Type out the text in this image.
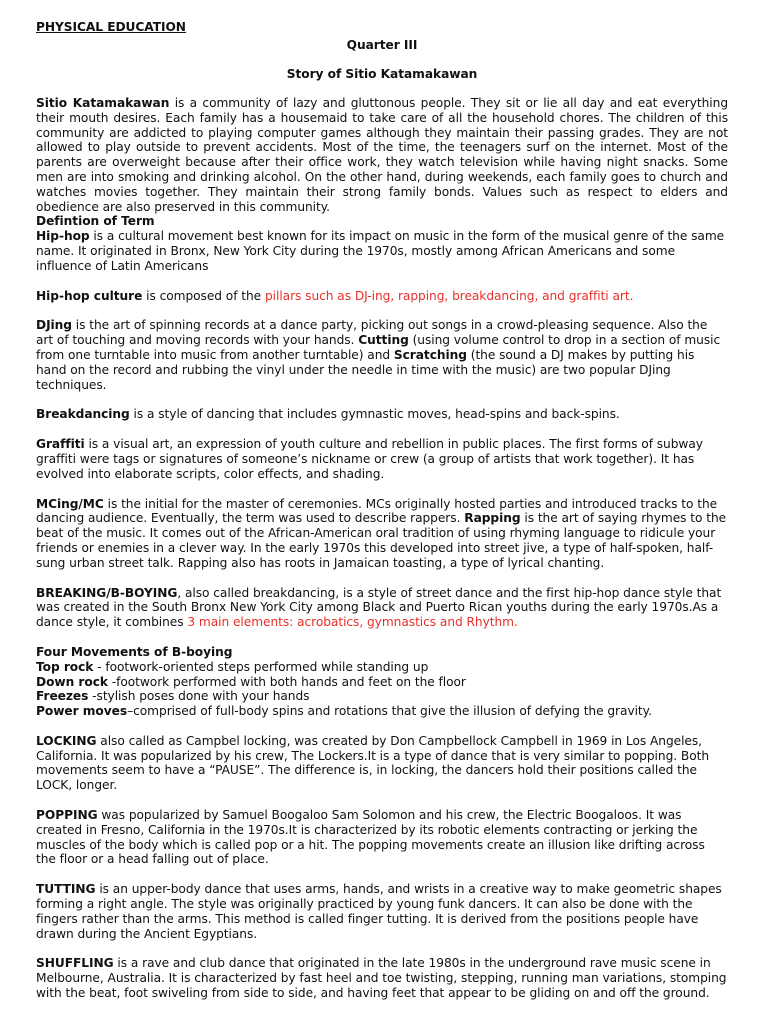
PHYSICAL EDUCATION
Quarter III
Story of Sitio Katamakawan

Sitio Katamakawan is a community of lazy and gluttonous people. They sit or lie all day and eat everything their mouth desires. Each family has a housemaid to take care of all the household chores. The children of this community are addicted to playing computer games although they maintain their passing grades. They are not allowed to play outside to prevent accidents. Most of the time, the teenagers surf on the internet. Most of the parents are overweight because after their office work, they watch television while having night snacks. Some men are into smoking and drinking alcohol. On the other hand, during weekends, each family goes to church and watches movies together. They maintain their strong family bonds. Values such as respect to elders and obedience are also preserved in this community.

Defintion of Term

Hip-hop is a cultural movement best known for its impact on music in the form of the musical genre of the same name. It originated in Bronx, New York City during the 1970s, mostly among African Americans and some influence of Latin Americans

Hip-hop culture is composed of the pillars such as DJ-ing, rapping, breakdancing, and graffiti art.

DJing is the art of spinning records at a dance party, picking out songs in a crowd-pleasing sequence. Also the art of touching and moving records with your hands. Cutting (using volume control to drop in a section of music from one turntable into music from another turntable) and Scratching (the sound a DJ makes by putting his hand on the record and rubbing the vinyl under the needle in time with the music) are two popular DJing techniques.

Breakdancing is a style of dancing that includes gymnastic moves, head-spins and back-spins.

Graffiti is a visual art, an expression of youth culture and rebellion in public places. The first forms of subway graffiti were tags or signatures of someone’s nickname or crew (a group of artists that work together). It has evolved into elaborate scripts, color effects, and shading.

MCing/MC is the initial for the master of ceremonies. MCs originally hosted parties and introduced tracks to the dancing audience. Eventually, the term was used to describe rappers. Rapping is the art of saying rhymes to the beat of the music. It comes out of the African-American oral tradition of using rhyming language to ridicule your friends or enemies in a clever way. In the early 1970s this developed into street jive, a type of half-spoken, half-sung urban street talk. Rapping also has roots in Jamaican toasting, a type of lyrical chanting.

BREAKING/B-BOYING, also called breakdancing, is a style of street dance and the first hip-hop dance style that was created in the South Bronx New York City among Black and Puerto Rican youths during the early 1970s.As a dance style, it combines 3 main elements: acrobatics, gymnastics and Rhythm.

Four Movements of B-boying

Top rock - footwork-oriented steps performed while standing up

Down rock -footwork performed with both hands and feet on the floor

Freezes -stylish poses done with your hands

Power moves–comprised of full-body spins and rotations that give the illusion of defying the gravity.

LOCKING also called as Campbel locking, was created by Don Campbellock Campbell in 1969 in Los Angeles, California. It was popularized by his crew, The Lockers.It is a type of dance that is very similar to popping. Both movements seem to have a “PAUSE”. The difference is, in locking, the dancers hold their positions called the LOCK, longer.

POPPING was popularized by Samuel Boogaloo Sam Solomon and his crew, the Electric Boogaloos. It was created in Fresno, California in the 1970s.It is characterized by its robotic elements contracting or jerking the muscles of the body which is called pop or a hit. The popping movements create an illusion like drifting across the floor or a head falling out of place.

TUTTING is an upper-body dance that uses arms, hands, and wrists in a creative way to make geometric shapes forming a right angle. The style was originally practiced by young funk dancers. It can also be done with the fingers rather than the arms. This method is called finger tutting. It is derived from the positions people have drawn during the Ancient Egyptians.

SHUFFLING is a rave and club dance that originated in the late 1980s in the underground rave music scene in Melbourne, Australia. It is characterized by fast heel and toe twisting, stepping, running man variations, stomping with the beat, foot swiveling from side to side, and having feet that appear to be gliding on and off the ground.
